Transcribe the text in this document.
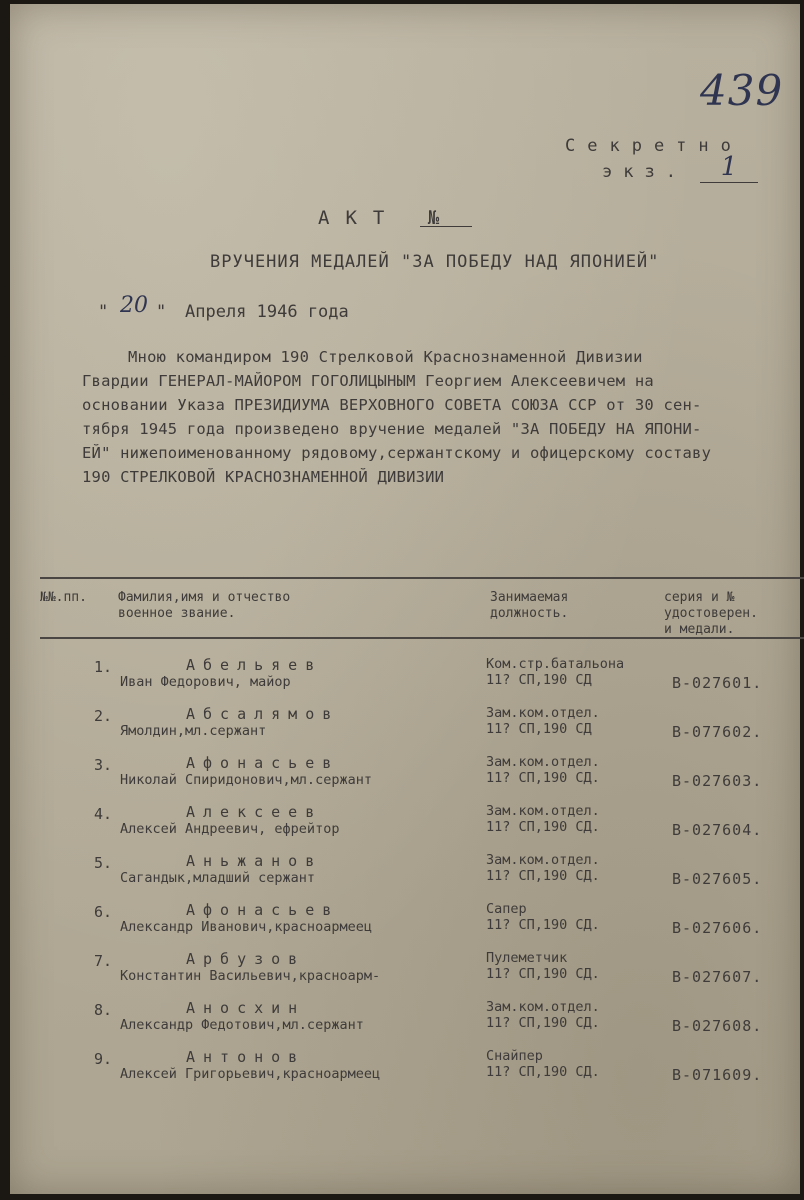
439
Секретно
экз.	1
АКТ №
ВРУЧЕНИЯ МЕДАЛЕЙ "ЗА ПОБЕДУ НАД ЯПОНИЕЙ"
" 20 " Апреля 1946 года
Мною командиром 190 Стрелковой Краснознаменной Дивизии
Гвардии ГЕНЕРАЛ-МАЙОРОМ ГОГОЛИЦЫНЫМ Георгием Алексеевичем на
основании Указа ПРЕЗИДИУМА ВЕРХОВНОГО СОВЕТА СОЮЗА ССР от 30 сен-
тября 1945 года произведено вручение медалей "ЗА ПОБЕДУ НА ЯПОНИ-
ЕЙ" нижепоименованному рядовому,сержантскому и офицерскому составу
190 СТРЕЛКОВОЙ КРАСНОЗНАМЕННОЙ ДИВИЗИИ
№№.пп. Фамилия,имя и отчество
военное звание.
Занимаемая
должность.
серия и №
удостоверен.
и медали.
1.	Абельяев
Иван Федорович, майор
Ком.стр.батальона
11? СП,190 СД	В-027601.
2.	Абсалямов
Ямолдин,мл.сержант
Зам.ком.отдел.
11? СП,190 СД	В-077602.
3.	Афонасьев
Николай Спиридонович,мл.сержант
Зам.ком.отдел.
11? СП,190 СД.	В-027603.
4.	Алексеев
Алексей Андреевич, ефрейтор
Зам.ком.отдел.
11? СП,190 СД.	В-027604.
5.	Аньжанов
Сагандык,младший сержант
Зам.ком.отдел.
11? СП,190 СД.	В-027605.
6.	Афонасьев
Александр Иванович,красноармеец
Сапер
11? СП,190 СД.	В-027606.
7.	Арбузов
Константин Васильевич,красноарм-
Пулеметчик
11? СП,190 СД.	В-027607.
8.	Аносхин
Александр Федотович,мл.сержант
Зам.ком.отдел.
11? СП,190 СД.	В-027608.
9.	Антонов
Алексей Григорьевич,красноармеец
Снайпер
11? СП,190 СД.	В-071609.
